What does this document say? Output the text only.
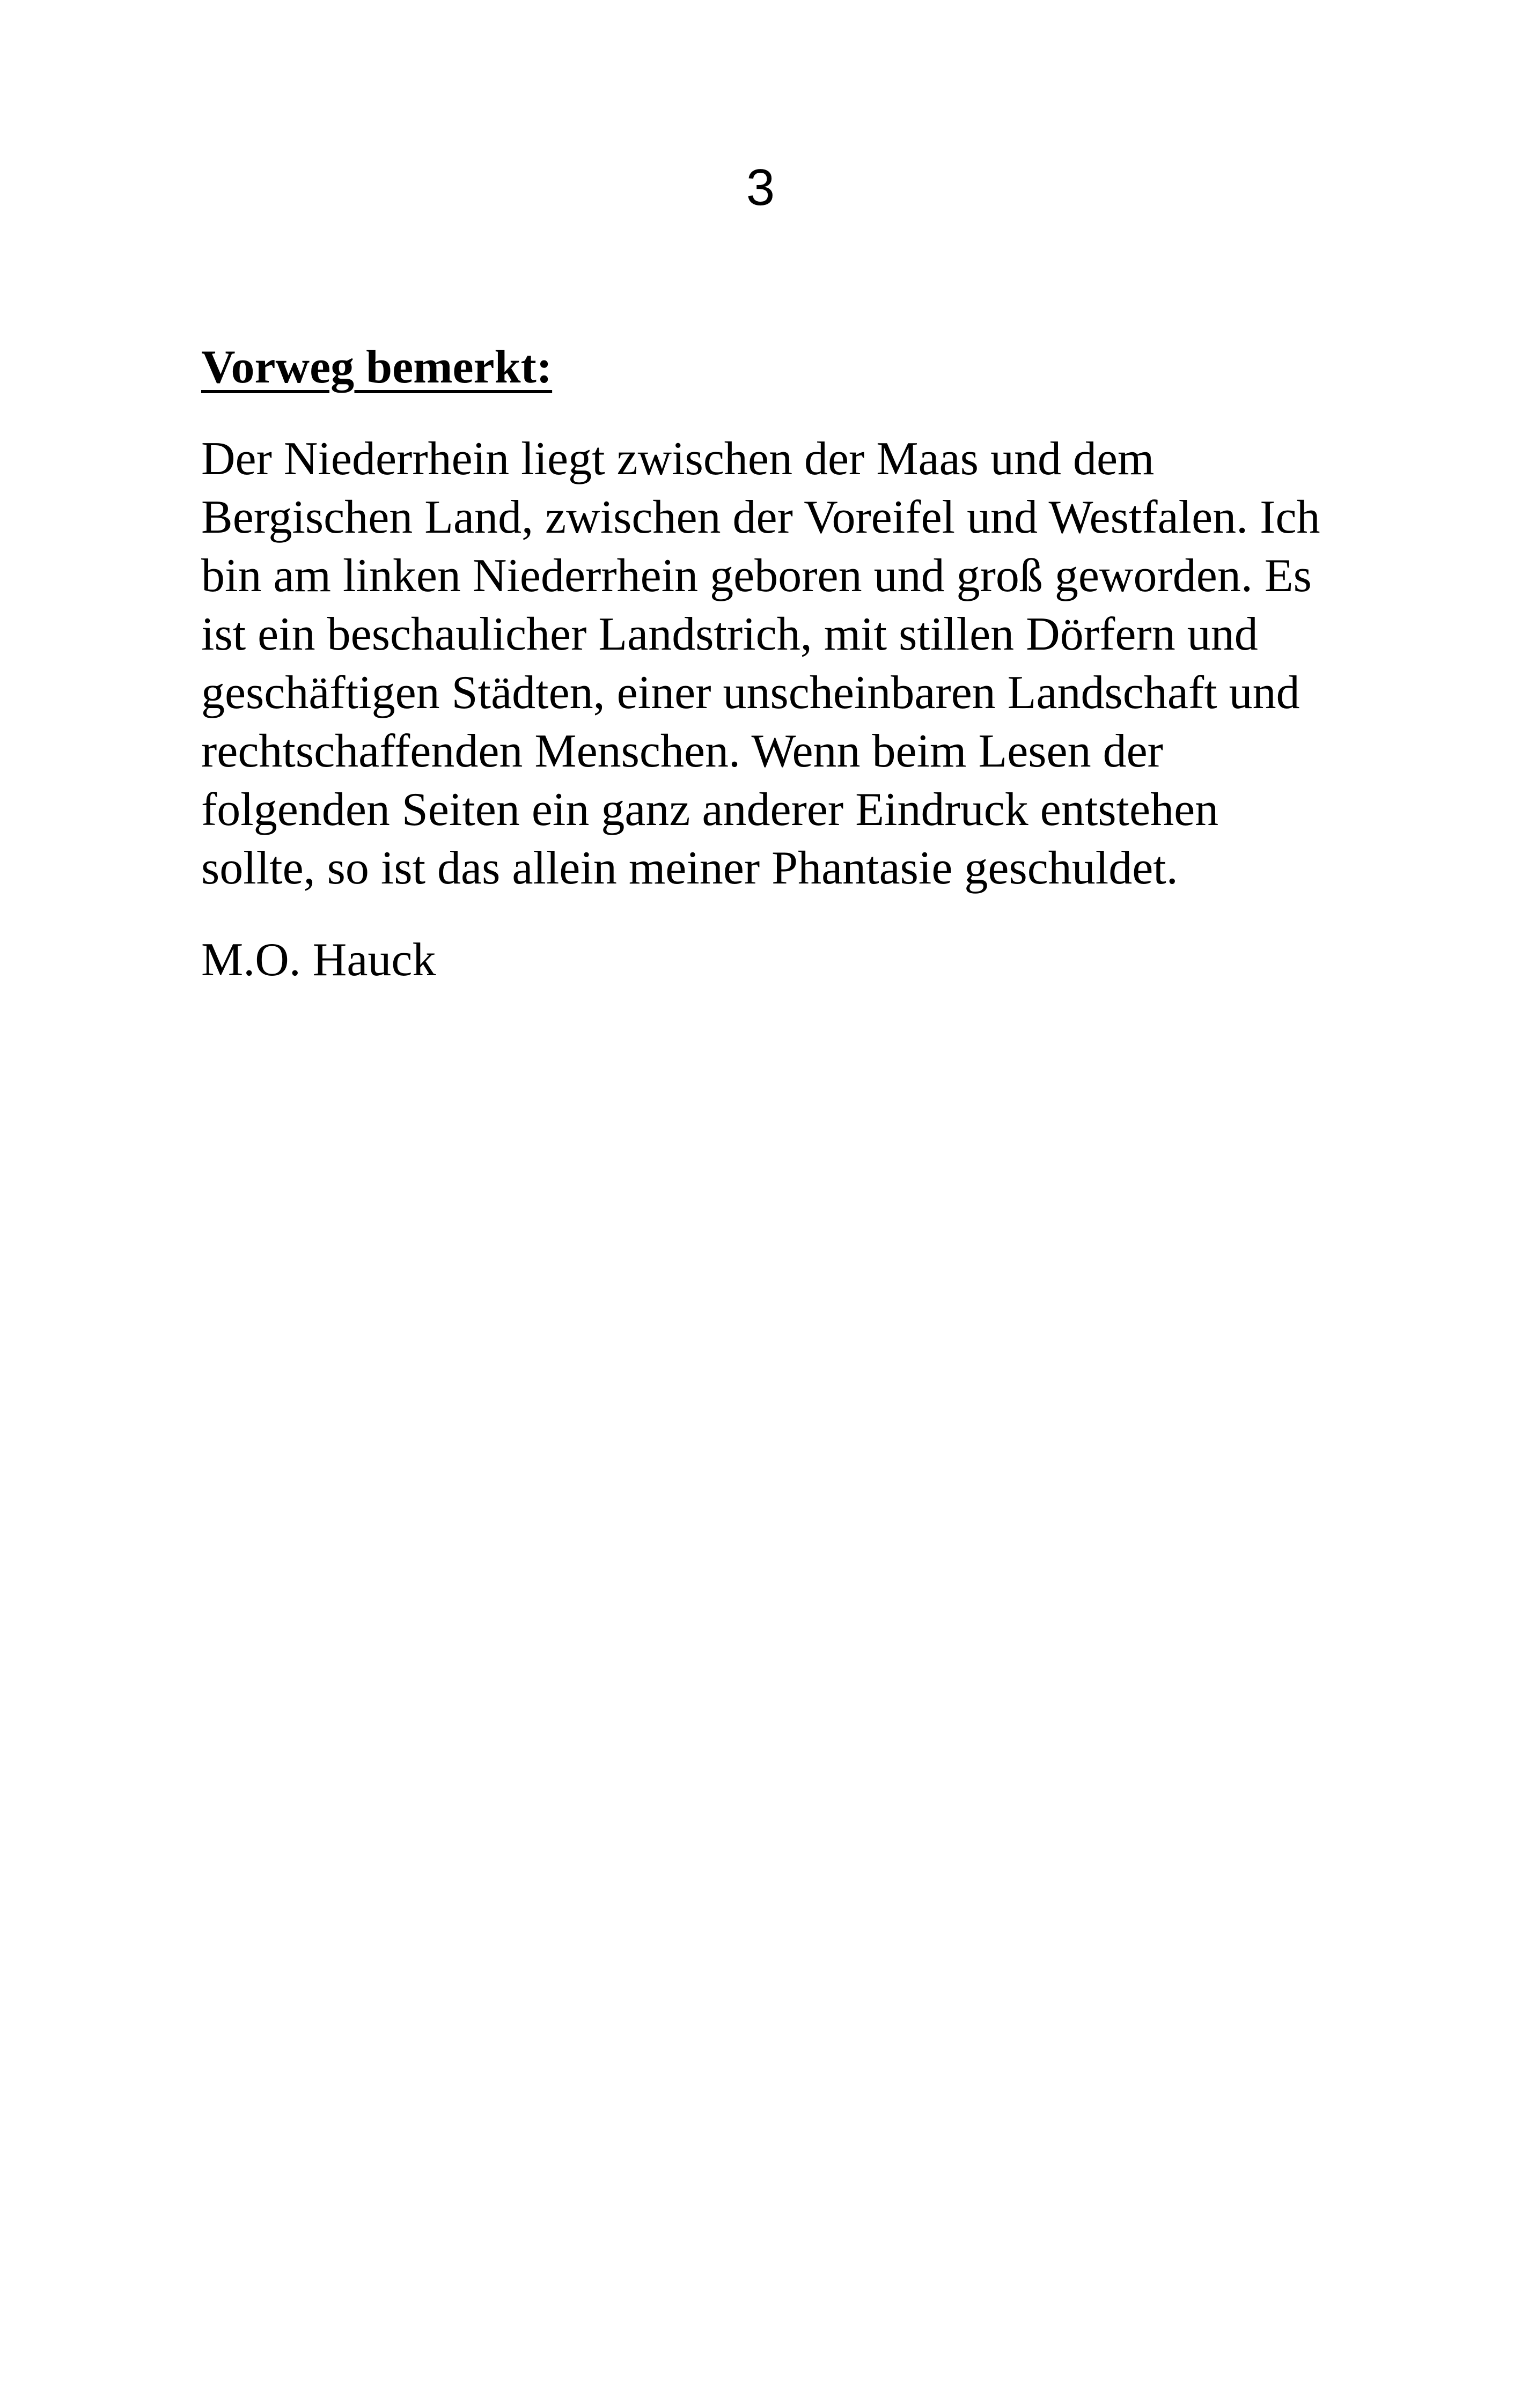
3
Vorweg bemerkt:

Der Niederrhein liegt zwischen der Maas und dem
Bergischen Land, zwischen der Voreifel und Westfalen. Ich
bin am linken Niederrhein geboren und groß geworden. Es
ist ein beschaulicher Landstrich, mit stillen Dörfern und
geschäftigen Städten, einer unscheinbaren Landschaft und
rechtschaffenden Menschen. Wenn beim Lesen der
folgenden Seiten ein ganz anderer Eindruck entstehen
sollte, so ist das allein meiner Phantasie geschuldet.

M.O. Hauck
